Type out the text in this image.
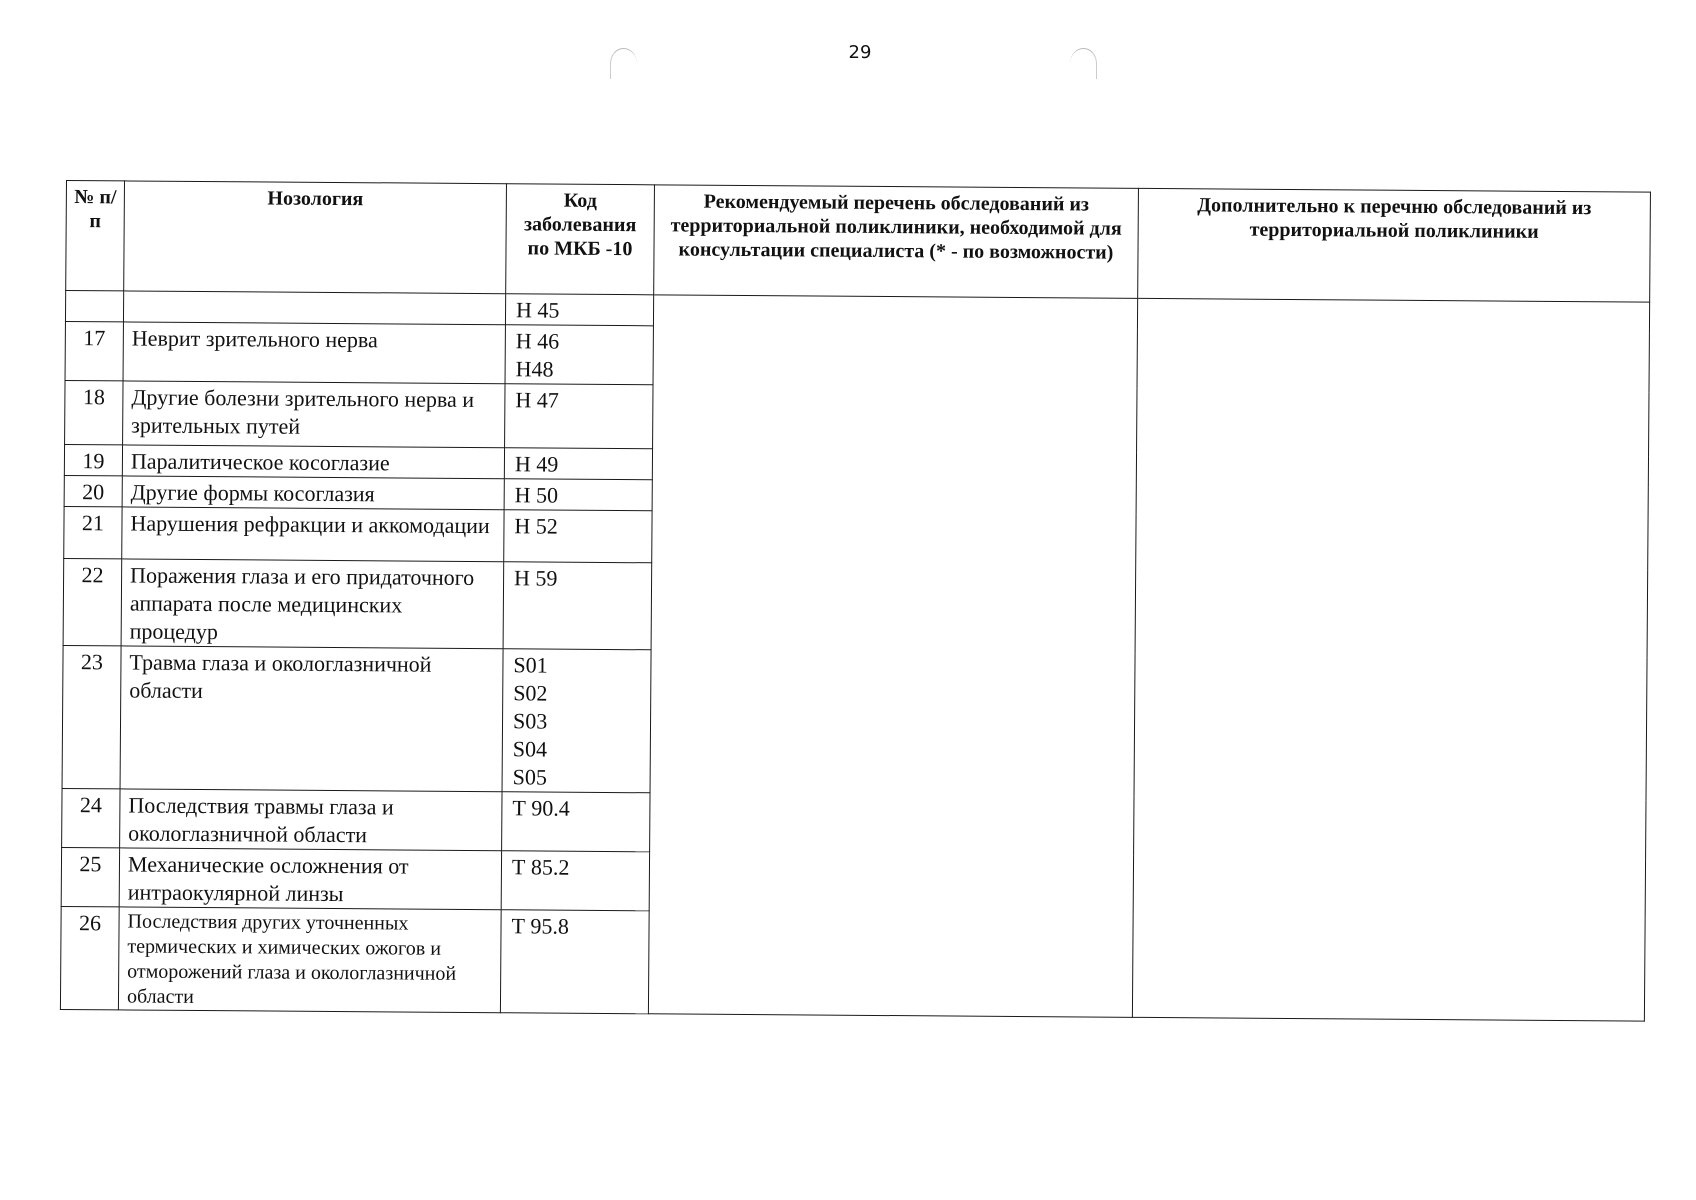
29
№ п/п	Нозология	Код заболевания по МКБ -10	Рекомендуемый перечень обследований из территориальной поликлиники, необходимой для консультации специалиста (* - по возможности)	Дополнительно к перечню обследований из территориальной поликлиники

		Н 45		

17	Неврит зрительного нерва	Н 46
Н48		

18	Другие болезни зрительного нерва и зрительных путей	Н 47		

19	Паралитическое косоглазие	Н 49		

20	Другие формы косоглазия	Н 50		

21	Нарушения рефракции и аккомодации	Н 52		

22	Поражения глаза и его придаточного аппарата после медицинских процедур	Н 59		

23	Травма глаза и окологлазничной области	S01
S02
S03
S04
S05		

24	Последствия травмы глаза и окологлазничной области	Т 90.4		

25	Механические осложнения от интраокулярной линзы	Т 85.2		

26	Последствия других уточненных термических и химических ожогов и отморожений глаза и окологлазничной области	Т 95.8		
